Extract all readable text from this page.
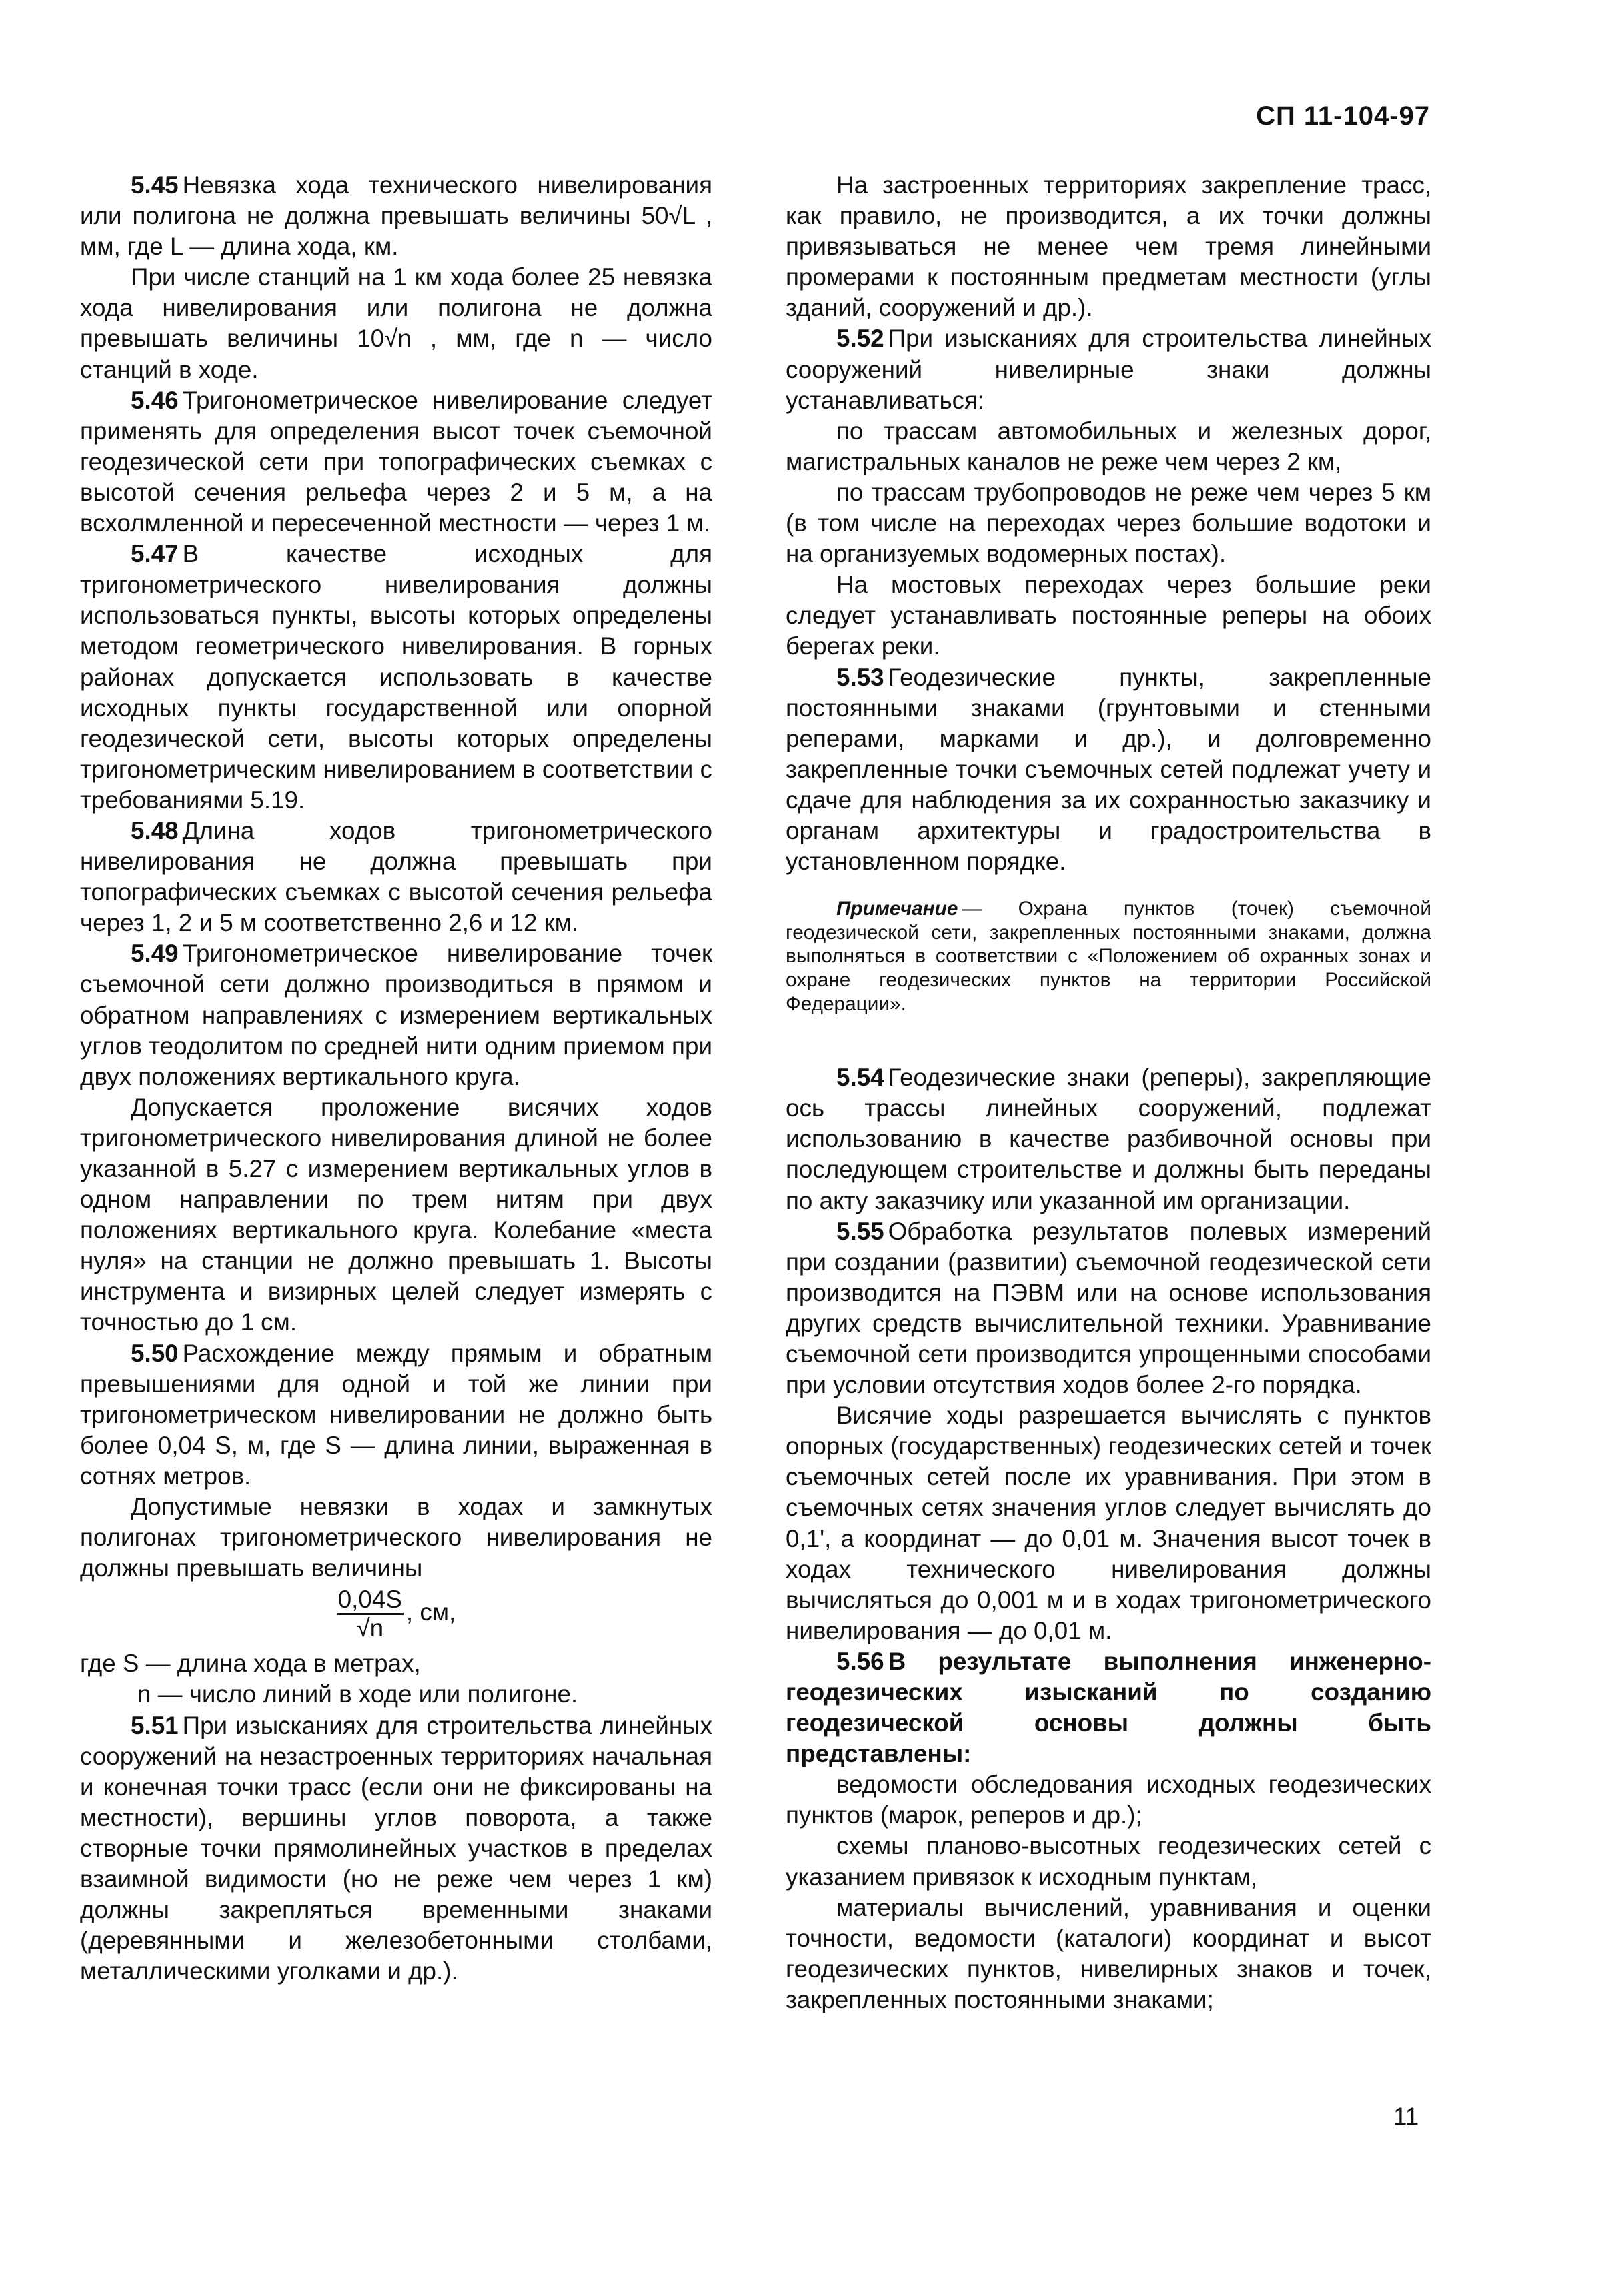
СП 11-104-97
5.45 Невязка хода технического нивелирования или полигона не должна превышать величины 50√L , мм, где L — длина хода, км.
При числе станций на 1 км хода более 25 невязка хода нивелирования или полигона не должна превышать величины 10√n , мм, где n — число станций в ходе.
5.46 Тригонометрическое нивелирование следует применять для определения высот точек съемочной геодезической сети при топографических съемках с высотой сечения рельефа через 2 и 5 м, а на всхолмленной и пересеченной местности — через 1 м.
5.47 В качестве исходных для тригонометрического нивелирования должны использоваться пункты, высоты которых определены методом геометрического нивелирования. В горных районах допускается использовать в качестве исходных пункты государственной или опорной геодезической сети, высоты которых определены тригонометрическим нивелированием в соответствии с требованиями 5.19.
5.48 Длина ходов тригонометрического нивелирования не должна превышать при топографических съемках с высотой сечения рельефа через 1, 2 и 5 м соответственно 2,6 и 12 км.
5.49 Тригонометрическое нивелирование точек съемочной сети должно производиться в прямом и обратном направлениях с измерением вертикальных углов теодолитом по средней нити одним приемом при двух положениях вертикального круга.
Допускается проложение висячих ходов тригонометрического нивелирования длиной не более указанной в 5.27 с измерением вертикальных углов в одном направлении по трем нитям при двух положениях вертикального круга. Колебание «места нуля» на станции не должно превышать 1. Высоты инструмента и визирных целей следует измерять с точностью до 1 см.
5.50 Расхождение между прямым и обратным превышениями для одной и той же линии при тригонометрическом нивелировании не должно быть более 0,04 S, м, где S — длина линии, выраженная в сотнях метров.
Допустимые невязки в ходах и замкнутых полигонах тригонометрического нивелирования не должны превышать величины
$\frac{0,04S}{√n}$ , см,
где S — длина хода в метрах,
n — число линий в ходе или полигоне.
5.51 При изысканиях для строительства линейных сооружений на незастроенных территориях начальная и конечная точки трасс (если они не фиксированы на местности), вершины углов поворота, а также створные точки прямолинейных участков в пределах взаимной видимости (но не реже чем через 1 км) должны закрепляться временными знаками (деревянными и железобетонными столбами, металлическими уголками и др.).
На застроенных территориях закрепление трасс, как правило, не производится, а их точки должны привязываться не менее чем тремя линейными промерами к постоянным предметам местности (углы зданий, сооружений и др.).
5.52 При изысканиях для строительства линейных сооружений нивелирные знаки должны устанавливаться:
по трассам автомобильных и железных дорог, магистральных каналов не реже чем через 2 км,
по трассам трубопроводов не реже чем через 5 км (в том числе на переходах через большие водотоки и на организуемых водомерных постах).
На мостовых переходах через большие реки следует устанавливать постоянные реперы на обоих берегах реки.
5.53 Геодезические пункты, закрепленные постоянными знаками (грунтовыми и стенными реперами, марками и др.), и долговременно закрепленные точки съемочных сетей подлежат учету и сдаче для наблюдения за их сохранностью заказчику и органам архитектуры и градостроительства в установленном порядке.
Примечание — Охрана пунктов (точек) съемочной геодезической сети, закрепленных постоянными знаками, должна выполняться в соответствии с «Положением об охранных зонах и охране геодезических пунктов на территории Российской Федерации».
5.54 Геодезические знаки (реперы), закрепляющие ось трассы линейных сооружений, подлежат использованию в качестве разбивочной основы при последующем строительстве и должны быть переданы по акту заказчику или указанной им организации.
5.55 Обработка результатов полевых измерений при создании (развитии) съемочной геодезической сети производится на ПЭВМ или на основе использования других средств вычислительной техники. Уравнивание съемочной сети производится упрощенными способами при условии отсутствия ходов более 2-го порядка.
Висячие ходы разрешается вычислять с пунктов опорных (государственных) геодезических сетей и точек съемочных сетей после их уравнивания. При этом в съемочных сетях значения углов следует вычислять до 0,1', а координат — до 0,01 м. Значения высот точек в ходах технического нивелирования должны вычисляться до 0,001 м и в ходах тригонометрического нивелирования — до 0,01 м.
5.56 В результате выполнения инженерно-геодезических изысканий по созданию геодезической основы должны быть представлены:
ведомости обследования исходных геодезических пунктов (марок, реперов и др.);
схемы планово-высотных геодезических сетей с указанием привязок к исходным пунктам,
материалы вычислений, уравнивания и оценки точности, ведомости (каталоги) координат и высот геодезических пунктов, нивелирных знаков и точек, закрепленных постоянными знаками;
11
